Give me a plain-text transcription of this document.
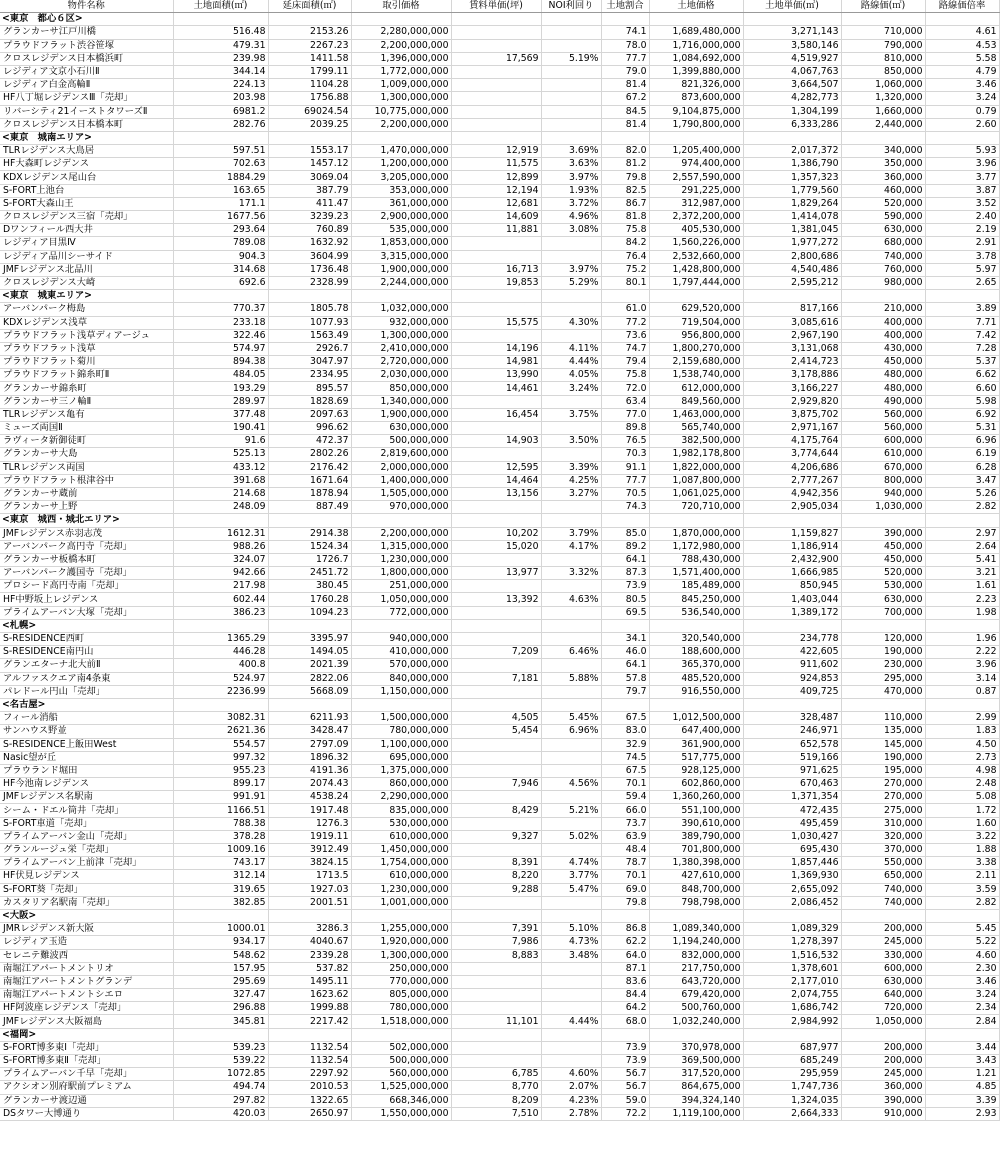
物件名称	土地面積(㎡)	延床面積(㎡)	取引価格	賃料単価(坪)	NOI利回り	土地割合	土地価格	土地単価(㎡)	路線価(㎡)	路線価倍率
<東京　都心６区>										
グランカーサ江戸川橋	516.48	2153.26	2,280,000,000			74.1	1,689,480,000	3,271,143	710,000	4.61
プラウドフラット渋谷笹塚	479.31	2267.23	2,200,000,000			78.0	1,716,000,000	3,580,146	790,000	4.53
クロスレジデンス日本橋浜町	239.98	1411.58	1,396,000,000	17,569	5.19%	77.7	1,084,692,000	4,519,927	810,000	5.58
レジディア文京小石川Ⅱ	344.14	1799.11	1,772,000,000			79.0	1,399,880,000	4,067,763	850,000	4.79
レジディア白金高輪Ⅱ	224.13	1104.28	1,009,000,000			81.4	821,326,000	3,664,507	1,060,000	3.46
HF八丁堀レジデンスⅢ「売却」	203.98	1756.88	1,300,000,000			67.2	873,600,000	4,282,773	1,320,000	3.24
リバーシティ21イーストタワーズⅡ	6981.2	69024.54	10,775,000,000			84.5	9,104,875,000	1,304,199	1,660,000	0.79
クロスレジデンス日本橋本町	282.76	2039.25	2,200,000,000			81.4	1,790,800,000	6,333,286	2,440,000	2.60
<東京　城南エリア>										
TLRレジデンス大鳥居	597.51	1553.17	1,470,000,000	12,919	3.69%	82.0	1,205,400,000	2,017,372	340,000	5.93
HF大森町レジデンス	702.63	1457.12	1,200,000,000	11,575	3.63%	81.2	974,400,000	1,386,790	350,000	3.96
KDXレジデンス尾山台	1884.29	3069.04	3,205,000,000	12,899	3.97%	79.8	2,557,590,000	1,357,323	360,000	3.77
S-FORT上池台	163.65	387.79	353,000,000	12,194	1.93%	82.5	291,225,000	1,779,560	460,000	3.87
S-FORT大森山王	171.1	411.47	361,000,000	12,681	3.72%	86.7	312,987,000	1,829,264	520,000	3.52
クロスレジデンス三宿「売却」	1677.56	3239.23	2,900,000,000	14,609	4.96%	81.8	2,372,200,000	1,414,078	590,000	2.40
Dワンフィール西大井	293.64	760.89	535,000,000	11,881	3.08%	75.8	405,530,000	1,381,045	630,000	2.19
レジディア目黒Ⅳ	789.08	1632.92	1,853,000,000			84.2	1,560,226,000	1,977,272	680,000	2.91
レジディア品川シーサイド	904.3	3604.99	3,315,000,000			76.4	2,532,660,000	2,800,686	740,000	3.78
JMFレジデンス北品川	314.68	1736.48	1,900,000,000	16,713	3.97%	75.2	1,428,800,000	4,540,486	760,000	5.97
クロスレジデンス大崎	692.6	2328.99	2,244,000,000	19,853	5.29%	80.1	1,797,444,000	2,595,212	980,000	2.65
<東京　城東エリア>										
アーバンパーク梅島	770.37	1805.78	1,032,000,000			61.0	629,520,000	817,166	210,000	3.89
KDXレジデンス浅草	233.18	1077.93	932,000,000	15,575	4.30%	77.2	719,504,000	3,085,616	400,000	7.71
プラウドフラット浅草ディアージュ	322.46	1563.49	1,300,000,000			73.6	956,800,000	2,967,190	400,000	7.42
プラウドフラット浅草	574.97	2926.7	2,410,000,000	14,196	4.11%	74.7	1,800,270,000	3,131,068	430,000	7.28
プラウドフラット菊川	894.38	3047.97	2,720,000,000	14,981	4.44%	79.4	2,159,680,000	2,414,723	450,000	5.37
プラウドフラット錦糸町Ⅱ	484.05	2334.95	2,030,000,000	13,990	4.05%	75.8	1,538,740,000	3,178,886	480,000	6.62
グランカーサ錦糸町	193.29	895.57	850,000,000	14,461	3.24%	72.0	612,000,000	3,166,227	480,000	6.60
グランカーサ三ノ輪Ⅱ	289.97	1828.69	1,340,000,000			63.4	849,560,000	2,929,820	490,000	5.98
TLRレジデンス亀有	377.48	2097.63	1,900,000,000	16,454	3.75%	77.0	1,463,000,000	3,875,702	560,000	6.92
ミューズ両国Ⅱ	190.41	996.62	630,000,000			89.8	565,740,000	2,971,167	560,000	5.31
ラヴィータ新御徒町	91.6	472.37	500,000,000	14,903	3.50%	76.5	382,500,000	4,175,764	600,000	6.96
グランカーサ大島	525.13	2802.26	2,819,600,000			70.3	1,982,178,800	3,774,644	610,000	6.19
TLRレジデンス両国	433.12	2176.42	2,000,000,000	12,595	3.39%	91.1	1,822,000,000	4,206,686	670,000	6.28
プラウドフラット根津谷中	391.68	1671.64	1,400,000,000	14,464	4.25%	77.7	1,087,800,000	2,777,267	800,000	3.47
グランカーサ蔵前	214.68	1878.94	1,505,000,000	13,156	3.27%	70.5	1,061,025,000	4,942,356	940,000	5.26
グランカーサ上野	248.09	887.49	970,000,000			74.3	720,710,000	2,905,034	1,030,000	2.82
<東京　城西・城北エリア>										
JMFレジデンス赤羽志茂	1612.31	2914.38	2,200,000,000	10,202	3.79%	85.0	1,870,000,000	1,159,827	390,000	2.97
アーバンパーク高円寺「売却」	988.26	1524.34	1,315,000,000	15,020	4.17%	89.2	1,172,980,000	1,186,914	450,000	2.64
グランカーサ板橋本町	324.07	1726.7	1,230,000,000			64.1	788,430,000	2,432,900	450,000	5.41
アーバンパーク護国寺「売却」	942.66	2451.72	1,800,000,000	13,977	3.32%	87.3	1,571,400,000	1,666,985	520,000	3.21
プロシード高円寺南「売却」	217.98	380.45	251,000,000			73.9	185,489,000	850,945	530,000	1.61
HF中野坂上レジデンス	602.44	1760.28	1,050,000,000	13,392	4.63%	80.5	845,250,000	1,403,044	630,000	2.23
プライムアーバン大塚「売却」	386.23	1094.23	772,000,000			69.5	536,540,000	1,389,172	700,000	1.98
<札幌>										
S-RESIDENCE西町	1365.29	3395.97	940,000,000			34.1	320,540,000	234,778	120,000	1.96
S-RESIDENCE南円山	446.28	1494.05	410,000,000	7,209	6.46%	46.0	188,600,000	422,605	190,000	2.22
グランエターナ北大前Ⅱ	400.8	2021.39	570,000,000			64.1	365,370,000	911,602	230,000	3.96
アルファスクエア南4条東	524.97	2822.06	840,000,000	7,181	5.88%	57.8	485,520,000	924,853	295,000	3.14
パレドール円山「売却」	2236.99	5668.09	1,150,000,000			79.7	916,550,000	409,725	470,000	0.87
<名古屋>										
フィール消船	3082.31	6211.93	1,500,000,000	4,505	5.45%	67.5	1,012,500,000	328,487	110,000	2.99
サンハウス野並	2621.36	3428.47	780,000,000	5,454	6.96%	83.0	647,400,000	246,971	135,000	1.83
S-RESIDENCE上飯田West	554.57	2797.09	1,100,000,000			32.9	361,900,000	652,578	145,000	4.50
Nasic望が丘	997.32	1896.32	695,000,000			74.5	517,775,000	519,166	190,000	2.73
プラウランド堀田	955.23	4191.36	1,375,000,000			67.5	928,125,000	971,625	195,000	4.98
HF今池南レジデンス	899.17	2074.43	860,000,000	7,946	4.56%	70.1	602,860,000	670,463	270,000	2.48
JMFレジデンス名駅南	991.91	4538.24	2,290,000,000			59.4	1,360,260,000	1,371,354	270,000	5.08
シーム・ドエル筒井「売却」	1166.51	1917.48	835,000,000	8,429	5.21%	66.0	551,100,000	472,435	275,000	1.72
S-FORT車道「売却」	788.38	1276.3	530,000,000			73.7	390,610,000	495,459	310,000	1.60
プライムアーバン金山「売却」	378.28	1919.11	610,000,000	9,327	5.02%	63.9	389,790,000	1,030,427	320,000	3.22
グランルージュ栄「売却」	1009.16	3912.49	1,450,000,000			48.4	701,800,000	695,430	370,000	1.88
プライムアーバン上前津「売却」	743.17	3824.15	1,754,000,000	8,391	4.74%	78.7	1,380,398,000	1,857,446	550,000	3.38
HF伏見レジデンス	312.14	1713.5	610,000,000	8,220	3.77%	70.1	427,610,000	1,369,930	650,000	2.11
S-FORT葵「売却」	319.65	1927.03	1,230,000,000	9,288	5.47%	69.0	848,700,000	2,655,092	740,000	3.59
カスタリア名駅南「売却」	382.85	2001.51	1,001,000,000			79.8	798,798,000	2,086,452	740,000	2.82
<大阪>										
JMRレジデンス新大阪	1000.01	3286.3	1,255,000,000	7,391	5.10%	86.8	1,089,340,000	1,089,329	200,000	5.45
レジディア玉造	934.17	4040.67	1,920,000,000	7,986	4.73%	62.2	1,194,240,000	1,278,397	245,000	5.22
セレニテ難波西	548.62	2339.28	1,300,000,000	8,883	3.48%	64.0	832,000,000	1,516,532	330,000	4.60
南堀江アパートメントリオ	157.95	537.82	250,000,000			87.1	217,750,000	1,378,601	600,000	2.30
南堀江アパートメントグランデ	295.69	1495.11	770,000,000			83.6	643,720,000	2,177,010	630,000	3.46
南堀江アパートメントシエロ	327.47	1623.62	805,000,000			84.4	679,420,000	2,074,755	640,000	3.24
HF阿波座レジデンス「売却」	296.88	1999.88	780,000,000			64.2	500,760,000	1,686,742	720,000	2.34
JMFレジデンス大阪福島	345.81	2217.42	1,518,000,000	11,101	4.44%	68.0	1,032,240,000	2,984,992	1,050,000	2.84
<福岡>										
S-FORT博多東Ⅰ「売却」	539.23	1132.54	502,000,000			73.9	370,978,000	687,977	200,000	3.44
S-FORT博多東Ⅱ「売却」	539.22	1132.54	500,000,000			73.9	369,500,000	685,249	200,000	3.43
プライムアーバン千早「売却」	1072.85	2297.92	560,000,000	6,785	4.60%	56.7	317,520,000	295,959	245,000	1.21
アクシオン別府駅前プレミアム	494.74	2010.53	1,525,000,000	8,770	2.07%	56.7	864,675,000	1,747,736	360,000	4.85
グランカーサ渡辺通	297.82	1322.65	668,346,000	8,209	4.23%	59.0	394,324,140	1,324,035	390,000	3.39
DSタワー大博通り	420.03	2650.97	1,550,000,000	7,510	2.78%	72.2	1,119,100,000	2,664,333	910,000	2.93
